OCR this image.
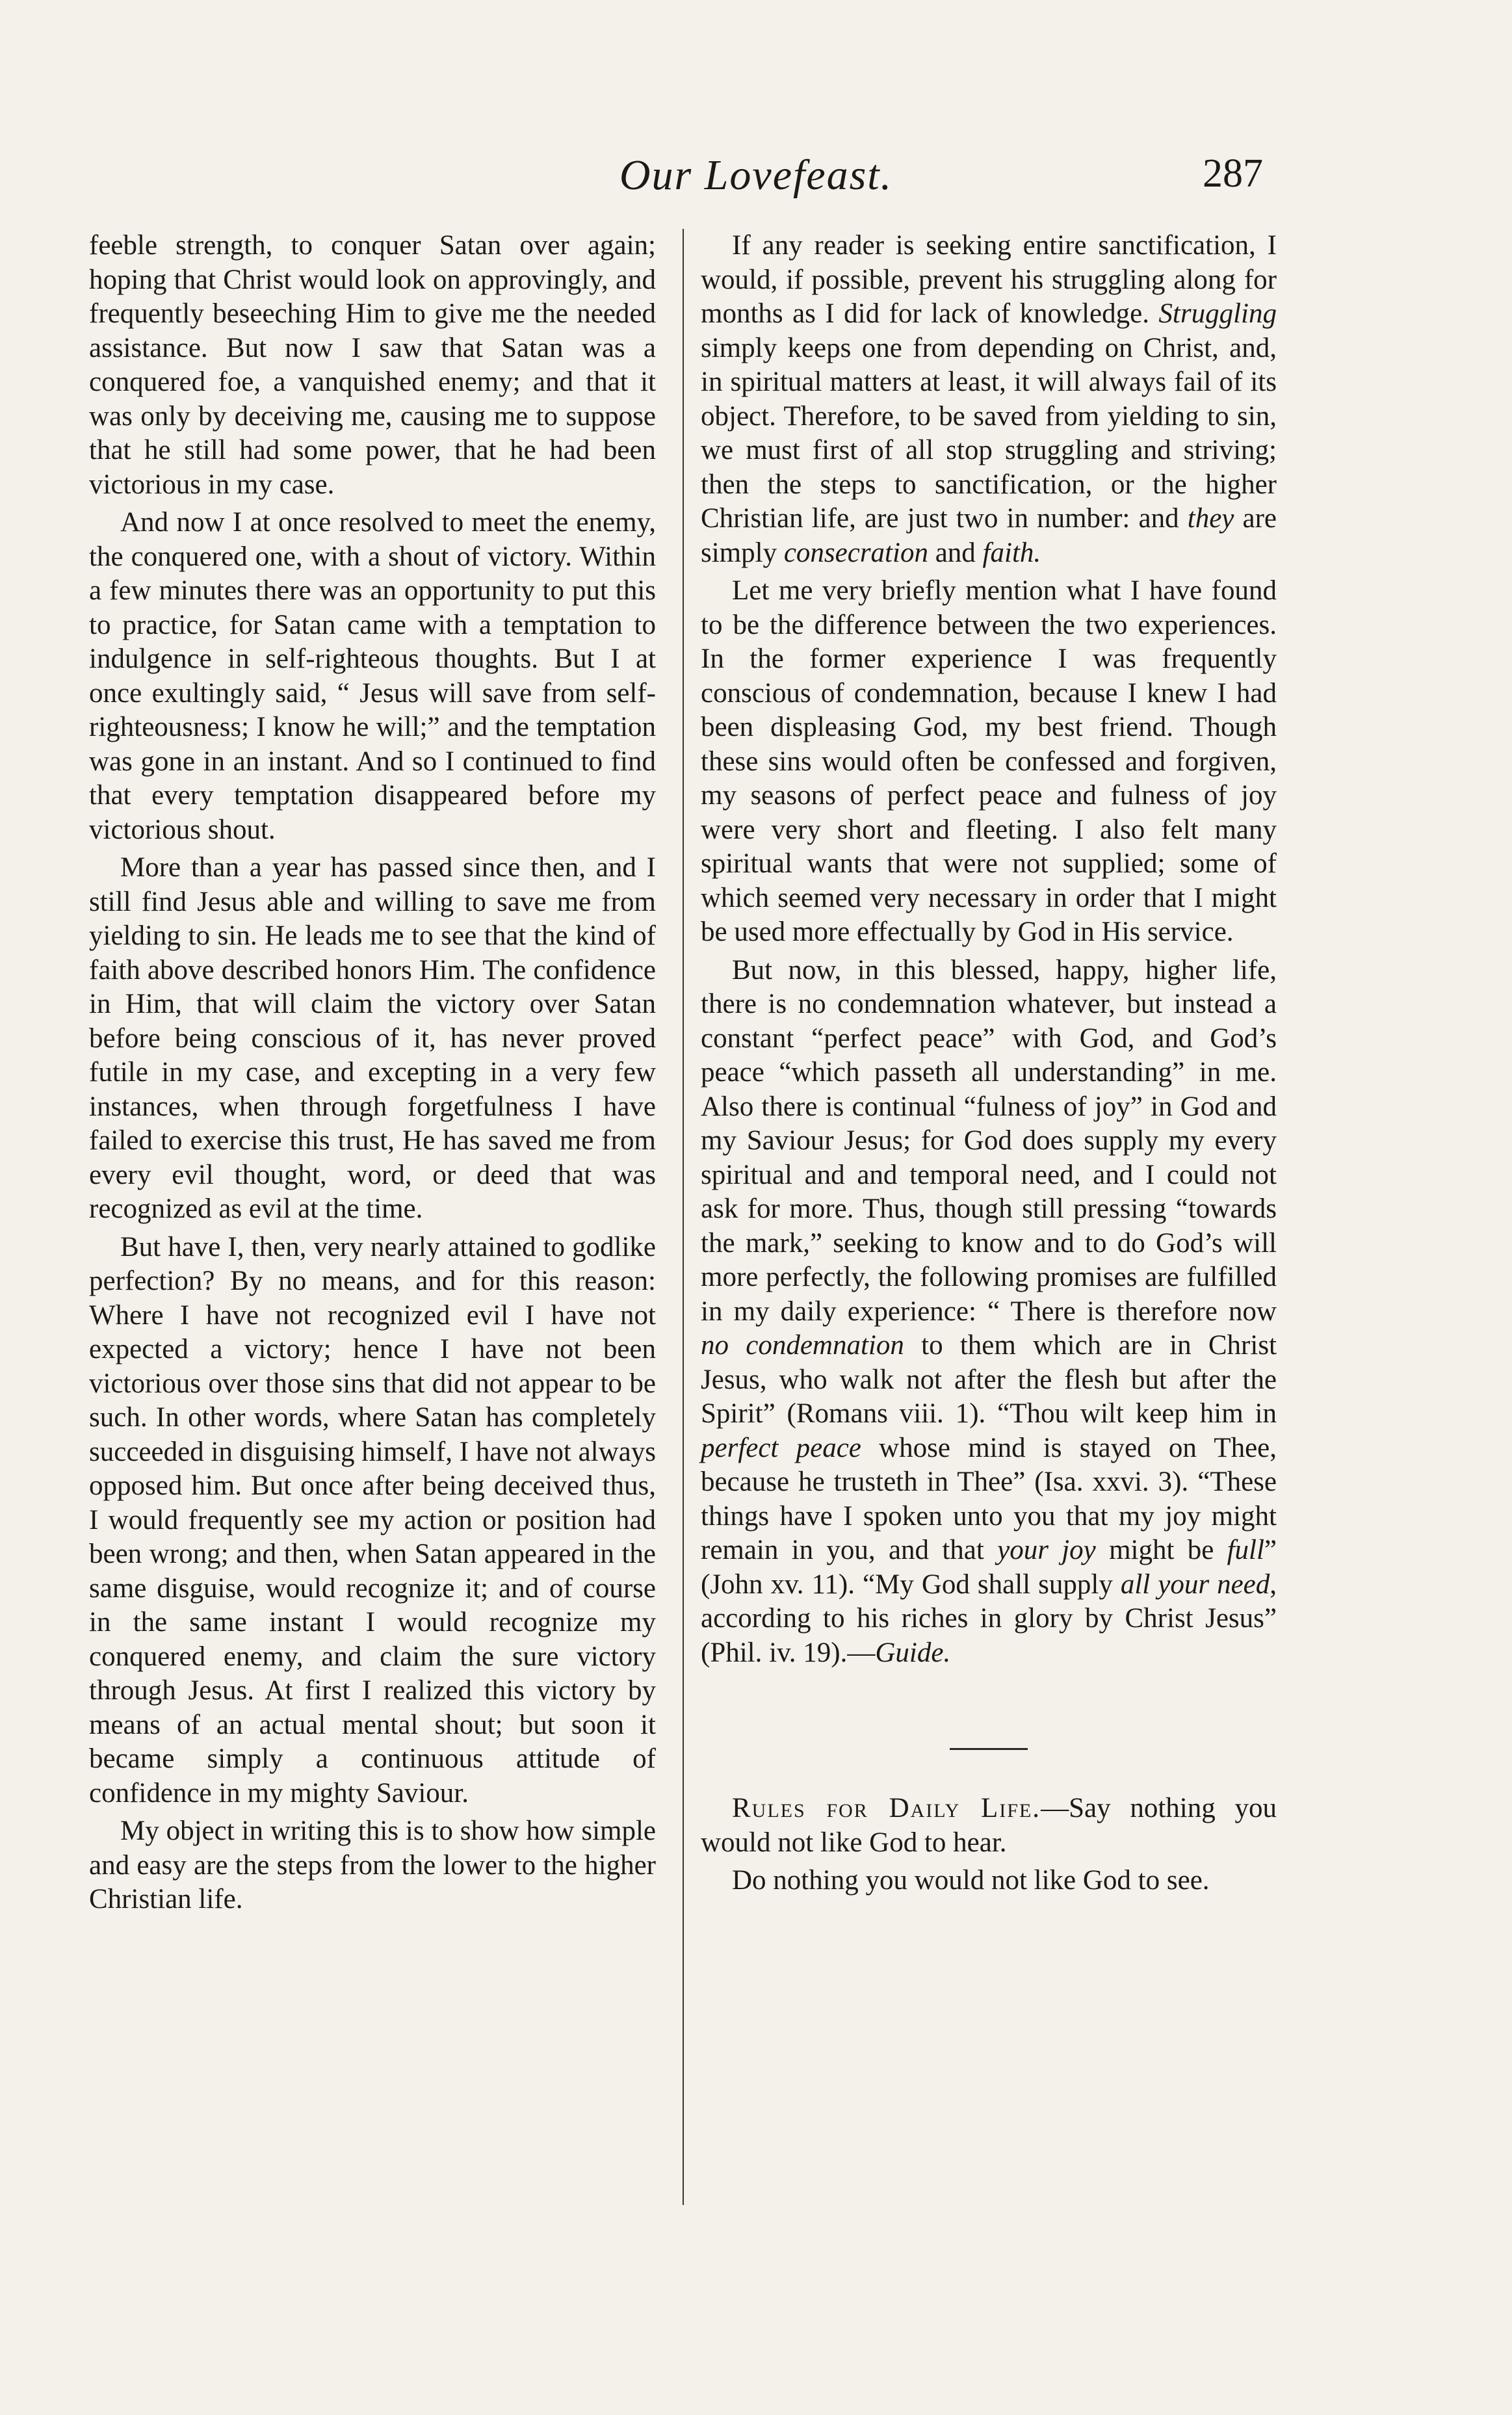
Our Lovefeast.	287

feeble strength, to conquer Satan over again; hoping that Christ would look on approvingly, and frequently beseeching Him to give me the needed assistance. But now I saw that Satan was a conquered foe, a vanquished enemy; and that it was only by deceiving me, causing me to suppose that he still had some power, that he had been victorious in my case.

And now I at once resolved to meet the enemy, the conquered one, with a shout of victory. Within a few minutes there was an opportunity to put this to practice, for Satan came with a temptation to indulgence in self-righteous thoughts. But I at once exultingly said, “ Jesus will save from self-righteousness; I know he will;” and the temptation was gone in an instant. And so I continued to find that every temptation disappeared before my victorious shout.

More than a year has passed since then, and I still find Jesus able and willing to save me from yielding to sin. He leads me to see that the kind of faith above described honors Him. The confidence in Him, that will claim the victory over Satan before being conscious of it, has never proved futile in my case, and excepting in a very few instances, when through forgetfulness I have failed to exercise this trust, He has saved me from every evil thought, word, or deed that was recognized as evil at the time.

But have I, then, very nearly attained to godlike perfection? By no means, and for this reason: Where I have not recognized evil I have not expected a victory; hence I have not been victorious over those sins that did not appear to be such. In other words, where Satan has completely succeeded in disguising himself, I have not always opposed him. But once after being deceived thus, I would frequently see my action or position had been wrong; and then, when Satan appeared in the same disguise, would recognize it; and of course in the same instant I would recognize my conquered enemy, and claim the sure victory through Jesus. At first I realized this victory by means of an actual mental shout; but soon it became simply a continuous attitude of confidence in my mighty Saviour.

My object in writing this is to show how simple and easy are the steps from the lower to the higher Christian life.

If any reader is seeking entire sanctification, I would, if possible, prevent his struggling along for months as I did for lack of knowledge. Struggling simply keeps one from depending on Christ, and, in spiritual matters at least, it will always fail of its object. Therefore, to be saved from yielding to sin, we must first of all stop struggling and striving; then the steps to sanctification, or the higher Christian life, are just two in number: and they are simply consecration and faith.

Let me very briefly mention what I have found to be the difference between the two experiences. In the former experience I was frequently conscious of condemnation, because I knew I had been displeasing God, my best friend. Though these sins would often be confessed and forgiven, my seasons of perfect peace and fulness of joy were very short and fleeting. I also felt many spiritual wants that were not supplied; some of which seemed very necessary in order that I might be used more effectually by God in His service.

But now, in this blessed, happy, higher life, there is no condemnation whatever, but instead a constant “perfect peace” with God, and God’s peace “which passeth all understanding” in me. Also there is continual “fulness of joy” in God and my Saviour Jesus; for God does supply my every spiritual and and temporal need, and I could not ask for more. Thus, though still pressing “towards the mark,” seeking to know and to do God’s will more perfectly, the following promises are fulfilled in my daily experience: “ There is therefore now no condemnation to them which are in Christ Jesus, who walk not after the flesh but after the Spirit” (Romans viii. 1). “Thou wilt keep him in perfect peace whose mind is stayed on Thee, because he trusteth in Thee” (Isa. xxvi. 3). “These things have I spoken unto you that my joy might remain in you, and that your joy might be full” (John xv. 11). “My God shall supply all your need, according to his riches in glory by Christ Jesus” (Phil. iv. 19).—Guide.

Rules for Daily Life.—Say nothing you would not like God to hear.

Do nothing you would not like God to see.
